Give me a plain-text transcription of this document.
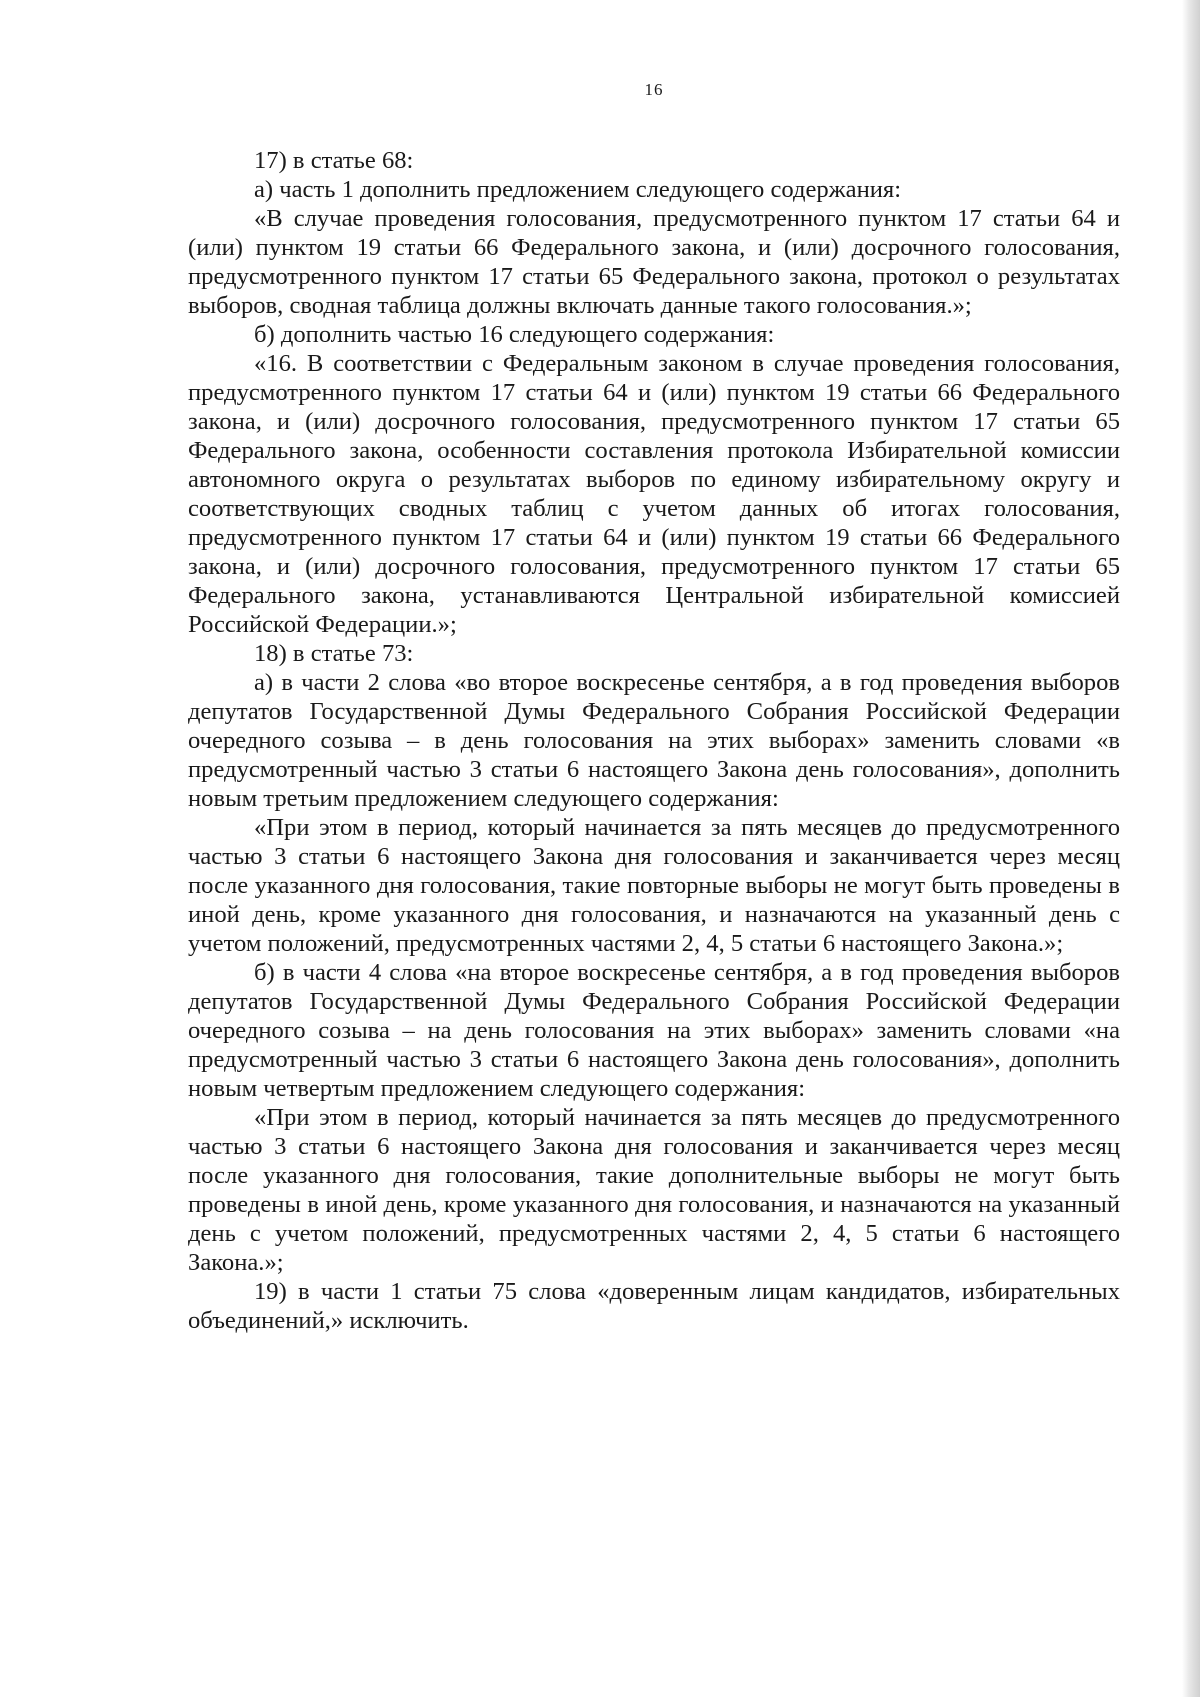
16

17) в статье 68:

а) часть 1 дополнить предложением следующего содержания:

«В случае проведения голосования, предусмотренного пунктом 17 статьи 64 и (или) пунктом 19 статьи 66 Федерального закона, и (или) досрочного голосования, предусмотренного пунктом 17 статьи 65 Федерального закона, протокол о результатах выборов, сводная таблица должны включать данные такого голосования.»;

б) дополнить частью 16 следующего содержания:

«16. В соответствии с Федеральным законом в случае проведения голосования, предусмотренного пунктом 17 статьи 64 и (или) пунктом 19 статьи 66 Федерального закона, и (или) досрочного голосования, предусмотренного пунктом 17 статьи 65 Федерального закона, особенности составления протокола Избирательной комиссии автономного округа о результатах выборов по единому избирательному округу и соответствующих сводных таблиц с учетом данных об итогах голосования, предусмотренного пунктом 17 статьи 64 и (или) пунктом 19 статьи 66 Федерального закона, и (или) досрочного голосования, предусмотренного пунктом 17 статьи 65 Федерального закона, устанавливаются Центральной избирательной комиссией Российской Федерации.»;

18) в статье 73:

а) в части 2 слова «во второе воскресенье сентября, а в год проведения выборов депутатов Государственной Думы Федерального Собрания Российской Федерации очередного созыва – в день голосования на этих выборах» заменить словами «в предусмотренный частью 3 статьи 6 настоящего Закона день голосования», дополнить новым третьим предложением следующего содержания:

«При этом в период, который начинается за пять месяцев до предусмотренного частью 3 статьи 6 настоящего Закона дня голосования и заканчивается через месяц после указанного дня голосования, такие повторные выборы не могут быть проведены в иной день, кроме указанного дня голосования, и назначаются на указанный день с учетом положений, предусмотренных частями 2, 4, 5 статьи 6 настоящего Закона.»;

б) в части 4 слова «на второе воскресенье сентября, а в год проведения выборов депутатов Государственной Думы Федерального Собрания Российской Федерации очередного созыва – на день голосования на этих выборах» заменить словами «на предусмотренный частью 3 статьи 6 настоящего Закона день голосования», дополнить новым четвертым предложением следующего содержания:

«При этом в период, который начинается за пять месяцев до предусмотренного частью 3 статьи 6 настоящего Закона дня голосования и заканчивается через месяц после указанного дня голосования, такие дополнительные выборы не могут быть проведены в иной день, кроме указанного дня голосования, и назначаются на указанный день с учетом положений, предусмотренных частями 2, 4, 5 статьи 6 настоящего Закона.»;

19) в части 1 статьи 75 слова «доверенным лицам кандидатов, избирательных объединений,» исключить.
